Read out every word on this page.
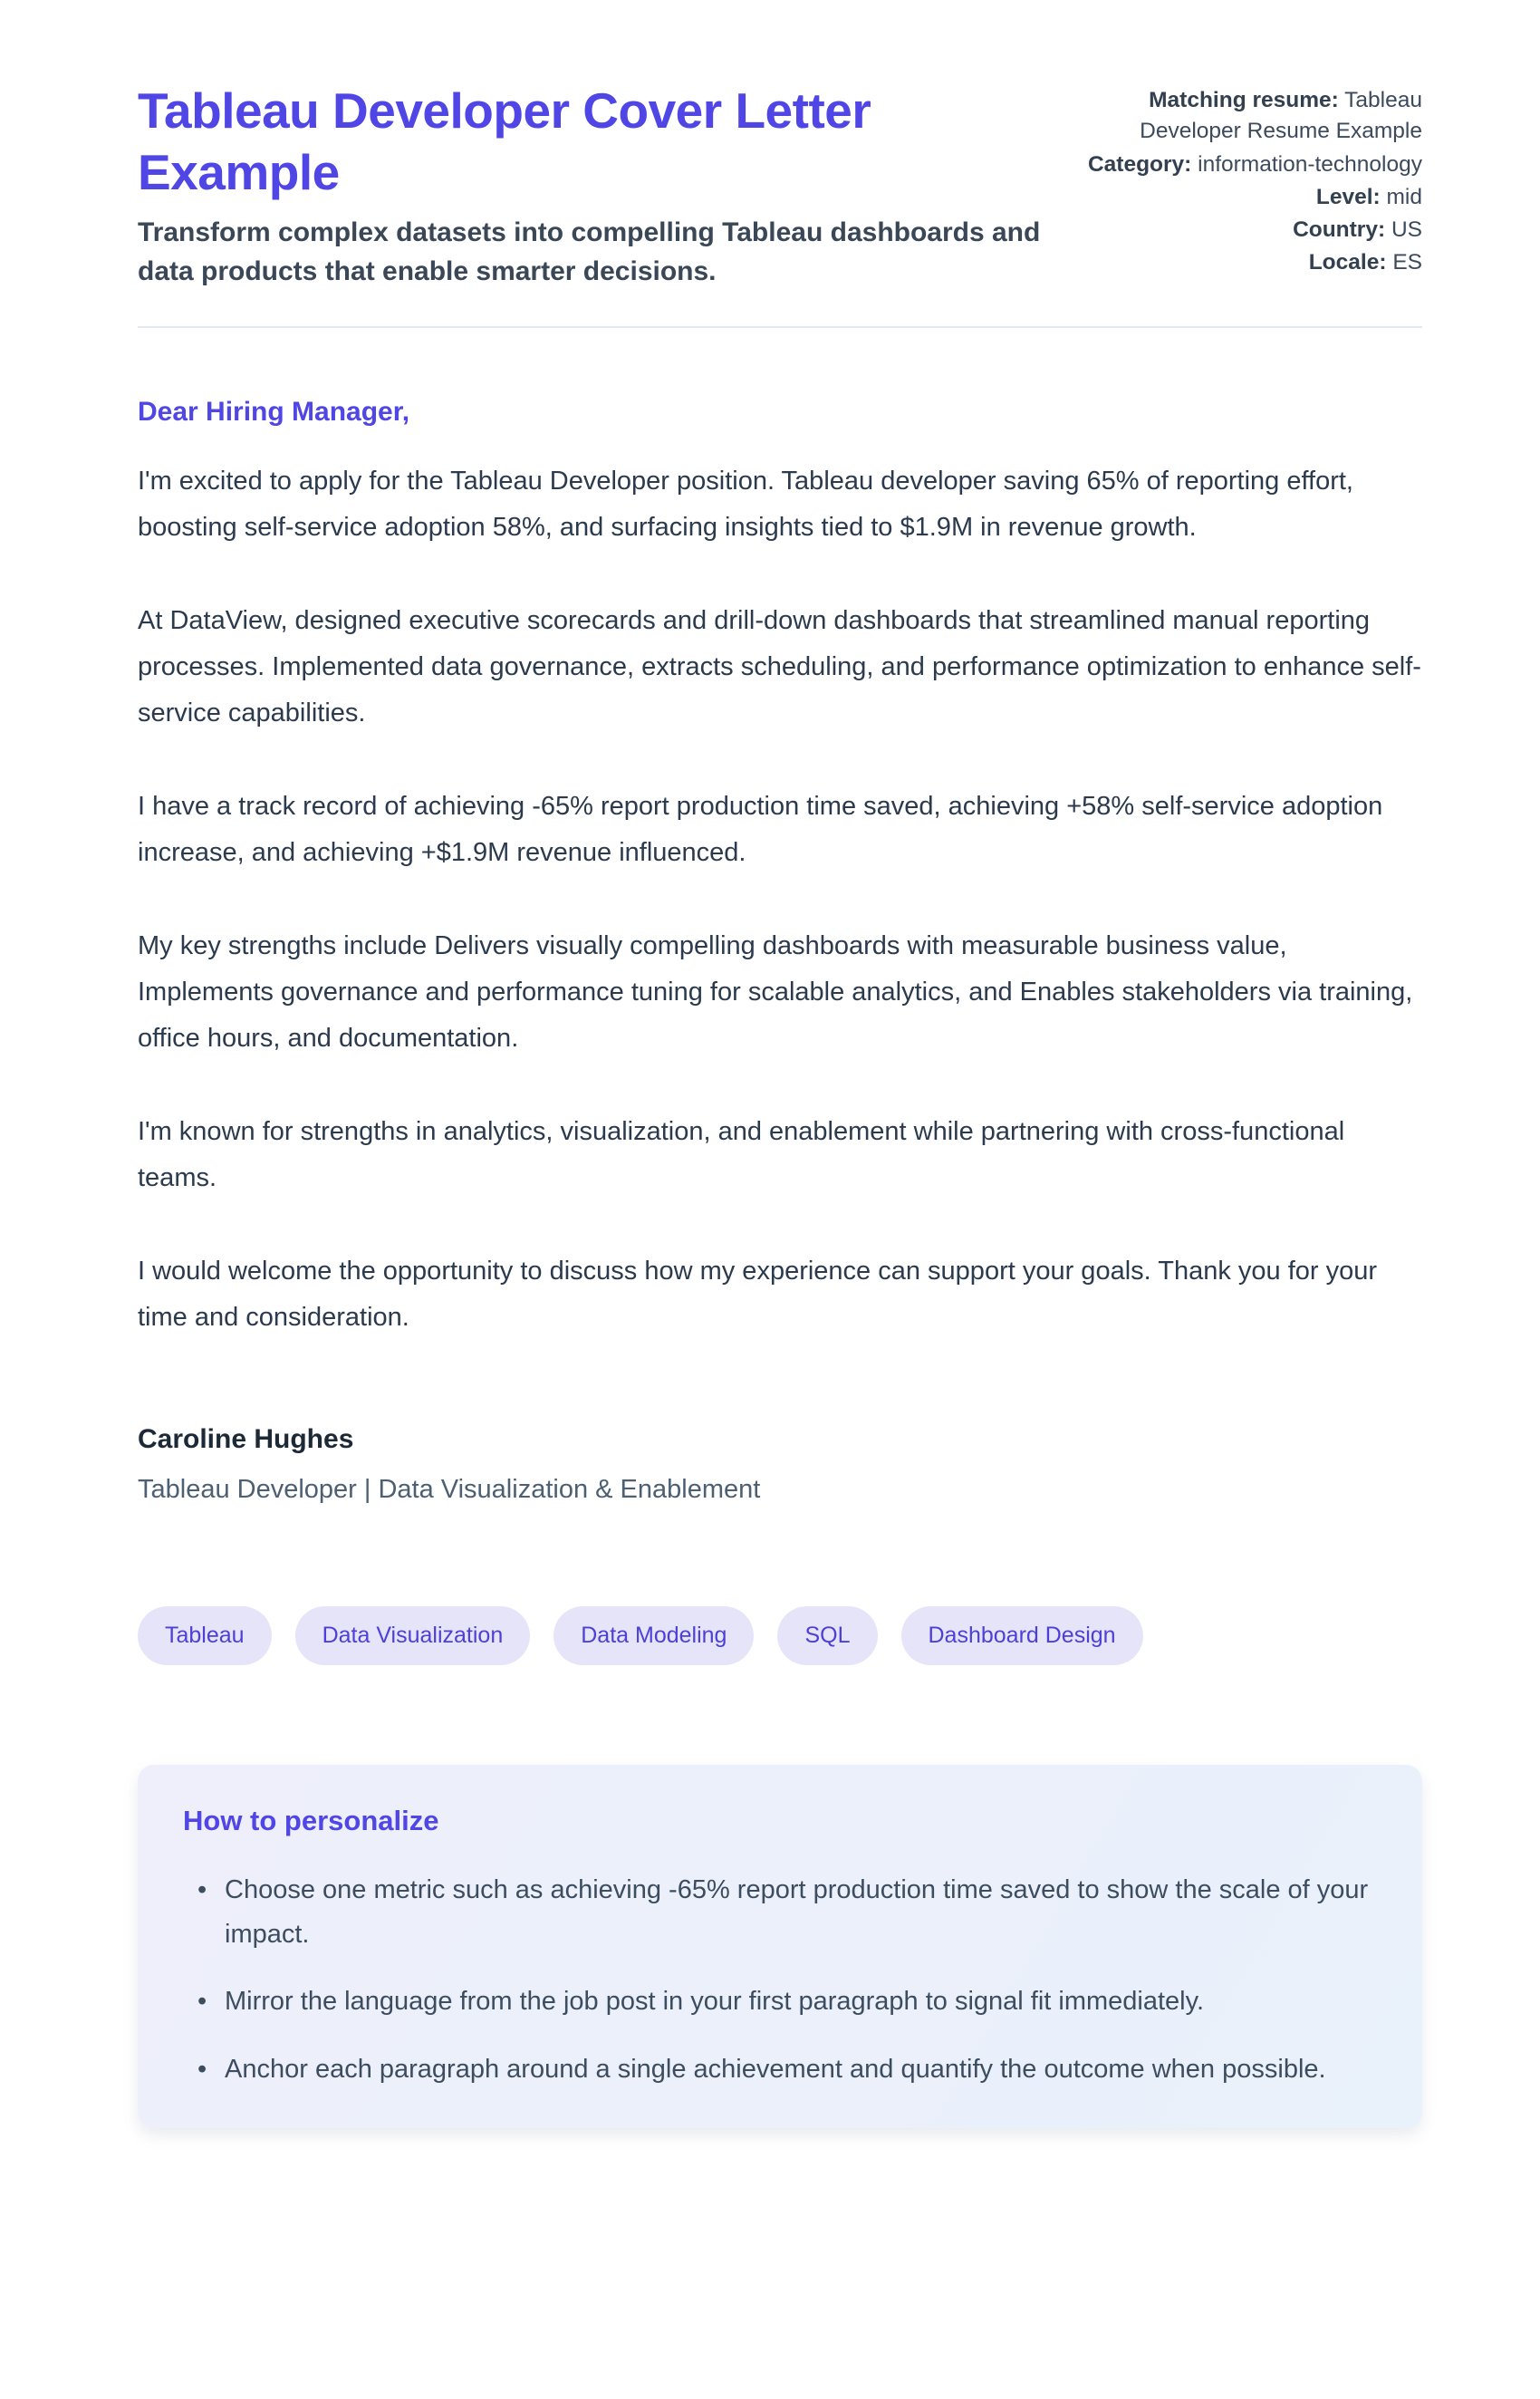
Tableau Developer Cover Letter Example
Transform complex datasets into compelling Tableau dashboards and data products that enable smarter decisions.
Matching resume: Tableau Developer Resume Example
Category: information-technology
Level: mid
Country: US
Locale: ES
Dear Hiring Manager,

I'm excited to apply for the Tableau Developer position. Tableau developer saving 65% of reporting effort, boosting self-service adoption 58%, and surfacing insights tied to $1.9M in revenue growth.

At DataView, designed executive scorecards and drill-down dashboards that streamlined manual reporting processes. Implemented data governance, extracts scheduling, and performance optimization to enhance self-service capabilities.

I have a track record of achieving -65% report production time saved, achieving +58% self-service adoption increase, and achieving +$1.9M revenue influenced.

My key strengths include Delivers visually compelling dashboards with measurable business value, Implements governance and performance tuning for scalable analytics, and Enables stakeholders via training, office hours, and documentation.

I'm known for strengths in analytics, visualization, and enablement while partnering with cross-functional teams.

I would welcome the opportunity to discuss how my experience can support your goals. Thank you for your time and consideration.

Caroline Hughes
Tableau Developer | Data Visualization & Enablement
Tableau	Data Visualization	Data Modeling	SQL	Dashboard Design
How to personalize
• Choose one metric such as achieving -65% report production time saved to show the scale of your impact.
• Mirror the language from the job post in your first paragraph to signal fit immediately.
• Anchor each paragraph around a single achievement and quantify the outcome when possible.
